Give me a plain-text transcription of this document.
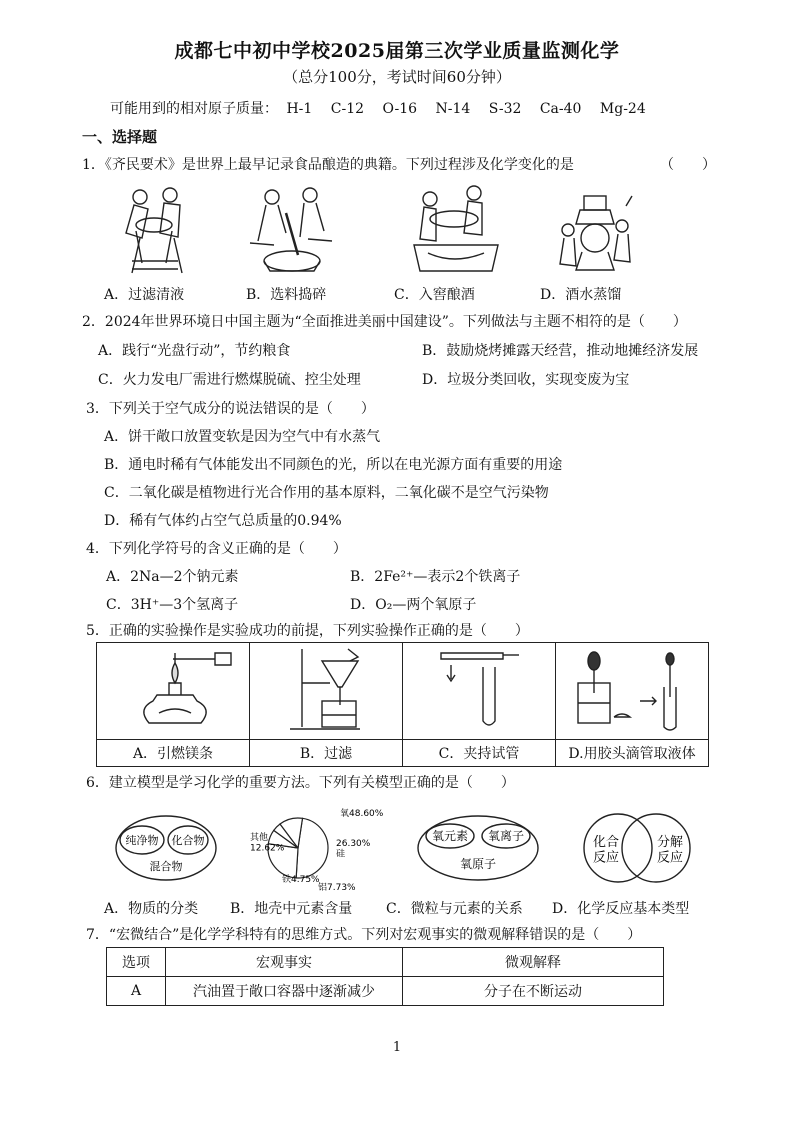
成都七中初中学校2025届第三次学业质量监测化学
（总分100分，考试时间60分钟）
可能用到的相对原子质量： H-1 C-12 O-16 N-14 S-32 Ca-40 Mg-24
一、选择题
1．《齐民要术》是世界上最早记录食品酿造的典籍。下列过程涉及化学变化的是	（　　）
A．过滤清液	B．选料捣碎	C．入窖酿酒	D．酒水蒸馏
2．2024年世界环境日中国主题为“全面推进美丽中国建设”。下列做法与主题不相符的是（　　）
A．践行“光盘行动”，节约粮食	B．鼓励烧烤摊露天经营，推动地摊经济发展
C．火力发电厂需进行燃煤脱硫、控尘处理	D．垃圾分类回收，实现变废为宝
3．下列关于空气成分的说法错误的是（　　）
A．饼干敞口放置变软是因为空气中有水蒸气
B．通电时稀有气体能发出不同颜色的光，所以在电光源方面有重要的用途
C．二氧化碳是植物进行光合作用的基本原料，二氧化碳不是空气污染物
D．稀有气体约占空气总质量的0.94%
4．下列化学符号的含义正确的是（　　）
A．2Na—2个钠元素	B．2Fe²⁺—表示2个铁离子
C．3H⁺—3个氢离子	D．O₂—两个氧原子
5．正确的实验操作是实验成功的前提，下列实验操作正确的是（　　）

A．引燃镁条	B．过滤	C．夹持试管	D.用胶头滴管取液体
6．建立模型是学习化学的重要方法。下列有关模型正确的是（　　）
纯净物 化合物
混合物
氧48.60%
26.30%硅
铝7.73%
铁4.75%
其他 12.62%
氧元素 氧离子
氧原子
化合反应
分解反应
A．物质的分类 B．地壳中元素含量 C．微粒与元素的关系 D．化学反应基本类型
7．“宏微结合”是化学学科特有的思维方式。下列对宏观事实的微观解释错误的是（　　）
选项	宏观事实	微观解释
A	汽油置于敞口容器中逐渐减少	分子在不断运动
1
